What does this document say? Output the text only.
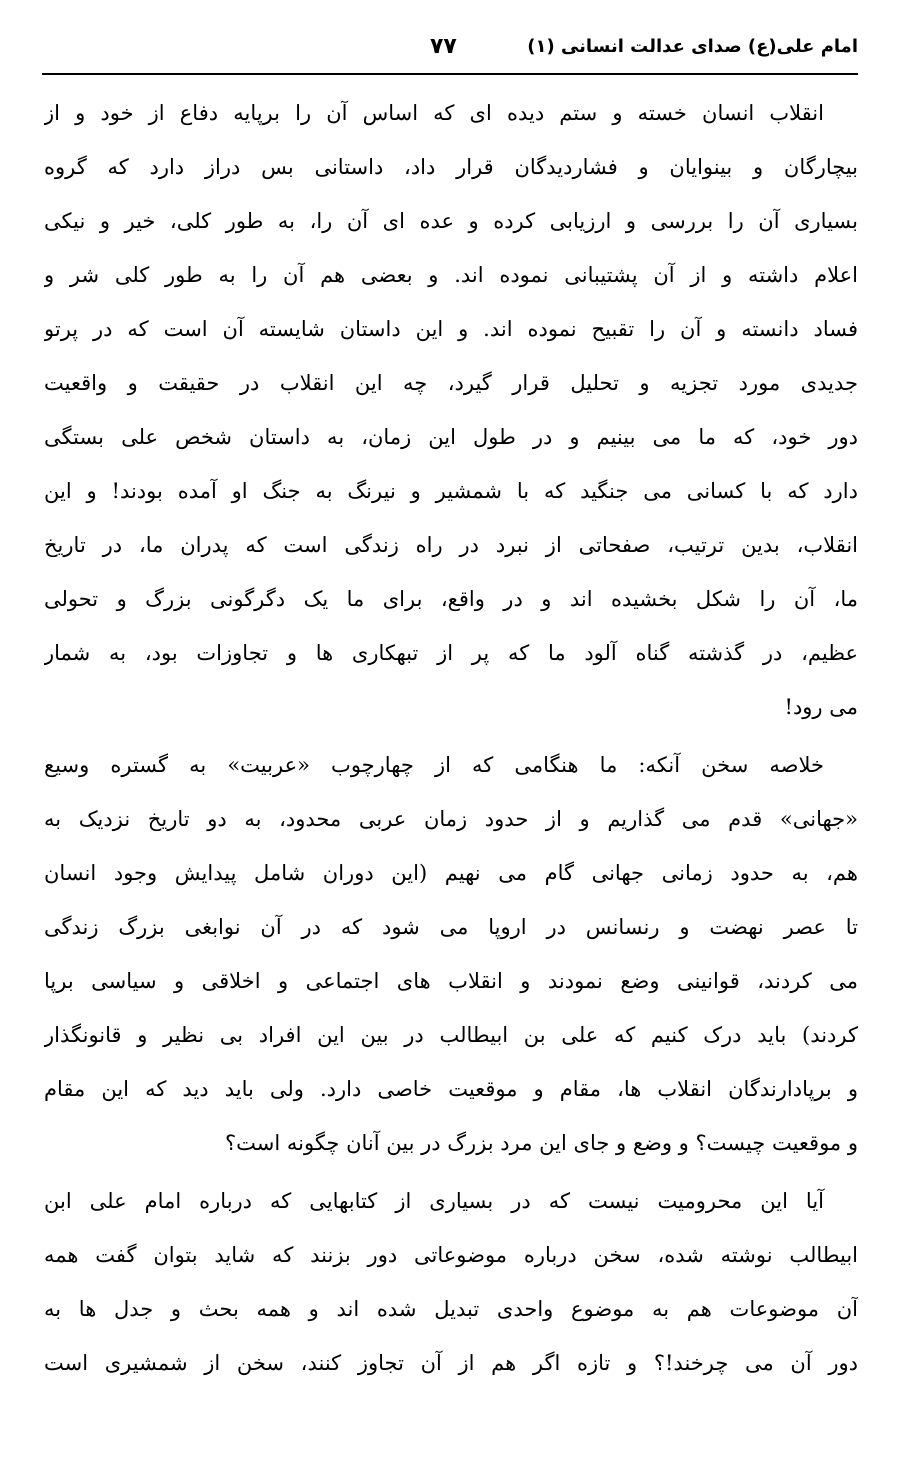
امام علی(ع) صدای عدالت انسانی (۱)
۷۷
انقلاب انسان خسته و ستم دیده ای که اساس آن را برپایه دفاع از خود و از
بیچارگان و بینوایان و فشاردیدگان قرار داد، داستانی بس دراز دارد که گروه
بسیاری آن را بررسی و ارزیابی کرده و عده ای آن را، به طور کلی، خیر و نیکی
اعلام داشته و از آن پشتیبانی نموده اند. و بعضی هم آن را به طور کلی شر و
فساد دانسته و آن را تقبیح نموده اند. و این داستان شایسته آن است که در پرتو
جدیدی مورد تجزیه و تحلیل قرار گیرد، چه این انقلاب در حقیقت و واقعیت
دور خود، که ما می بینیم و در طول این زمان، به داستان شخص علی بستگی
دارد که با کسانی می جنگید که با شمشیر و نیرنگ به جنگ او آمده بودند! و این
انقلاب، بدین ترتیب، صفحاتی از نبرد در راه زندگی است که پدران ما، در تاریخ
ما، آن را شکل بخشیده اند و در واقع، برای ما یک دگرگونی بزرگ و تحولی
عظیم، در گذشته گناه آلود ما که پر از تبهکاری ها و تجاوزات بود، به شمار
می رود!
خلاصه سخن آنکه: ما هنگامی که از چهارچوب «عربیت» به گستره وسیع
«جهانی» قدم می گذاریم و از حدود زمان عربی محدود، به دو تاریخ نزدیک به
هم، به حدود زمانی جهانی گام می نهیم (این دوران شامل پیدایش وجود انسان
تا عصر نهضت و رنسانس در اروپا می شود که در آن نوابغی بزرگ زندگی
می کردند، قوانینی وضع نمودند و انقلاب های اجتماعی و اخلاقی و سیاسی برپا
کردند) باید درک کنیم که علی بن ابیطالب در بین این افراد بی نظیر و قانونگذار
و برپادارندگان انقلاب ها، مقام و موقعیت خاصی دارد. ولی باید دید که این مقام
و موقعیت چیست؟ و وضع و جای این مرد بزرگ در بین آنان چگونه است؟
آیا این محرومیت نیست که در بسیاری از کتابهایی که درباره امام علی ابن
ابیطالب نوشته شده، سخن درباره موضوعاتی دور بزنند که شاید بتوان گفت همه
آن موضوعات هم به موضوع واحدی تبدیل شده اند و همه بحث و جدل ها به
دور آن می چرخند!؟ و تازه اگر هم از آن تجاوز کنند، سخن از شمشیری است
